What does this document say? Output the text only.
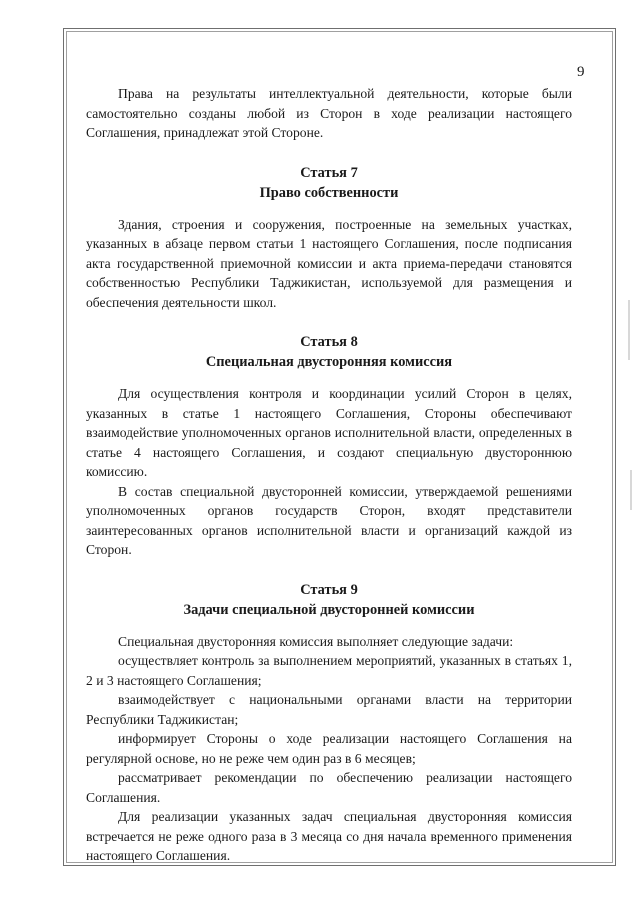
9

Права на результаты интеллектуальной деятельности, которые были самостоятельно созданы любой из Сторон в ходе реализации настоящего Соглашения, принадлежат этой Стороне.

Статья 7
Право собственности

Здания, строения и сооружения, построенные на земельных участках, указанных в абзаце первом статьи 1 настоящего Соглашения, после подписания акта государственной приемочной комиссии и акта приема-передачи становятся собственностью Республики Таджикистан, используемой для размещения и обеспечения деятельности школ.

Статья 8
Специальная двусторонняя комиссия

Для осуществления контроля и координации усилий Сторон в целях, указанных в статье 1 настоящего Соглашения, Стороны обеспечивают взаимодействие уполномоченных органов исполнительной власти, определенных в статье 4 настоящего Соглашения, и создают специальную двустороннюю комиссию.

В состав специальной двусторонней комиссии, утверждаемой решениями уполномоченных органов государств Сторон, входят представители заинтересованных органов исполнительной власти и организаций каждой из Сторон.

Статья 9
Задачи специальной двусторонней комиссии

Специальная двусторонняя комиссия выполняет следующие задачи:

осуществляет контроль за выполнением мероприятий, указанных в статьях 1, 2 и 3 настоящего Соглашения;

взаимодействует с национальными органами власти на территории Республики Таджикистан;

информирует Стороны о ходе реализации настоящего Соглашения на регулярной основе, но не реже чем один раз в 6 месяцев;

рассматривает рекомендации по обеспечению реализации настоящего Соглашения.

Для реализации указанных задач специальная двусторонняя комиссия встречается не реже одного раза в 3 месяца со дня начала временного применения настоящего Соглашения.
